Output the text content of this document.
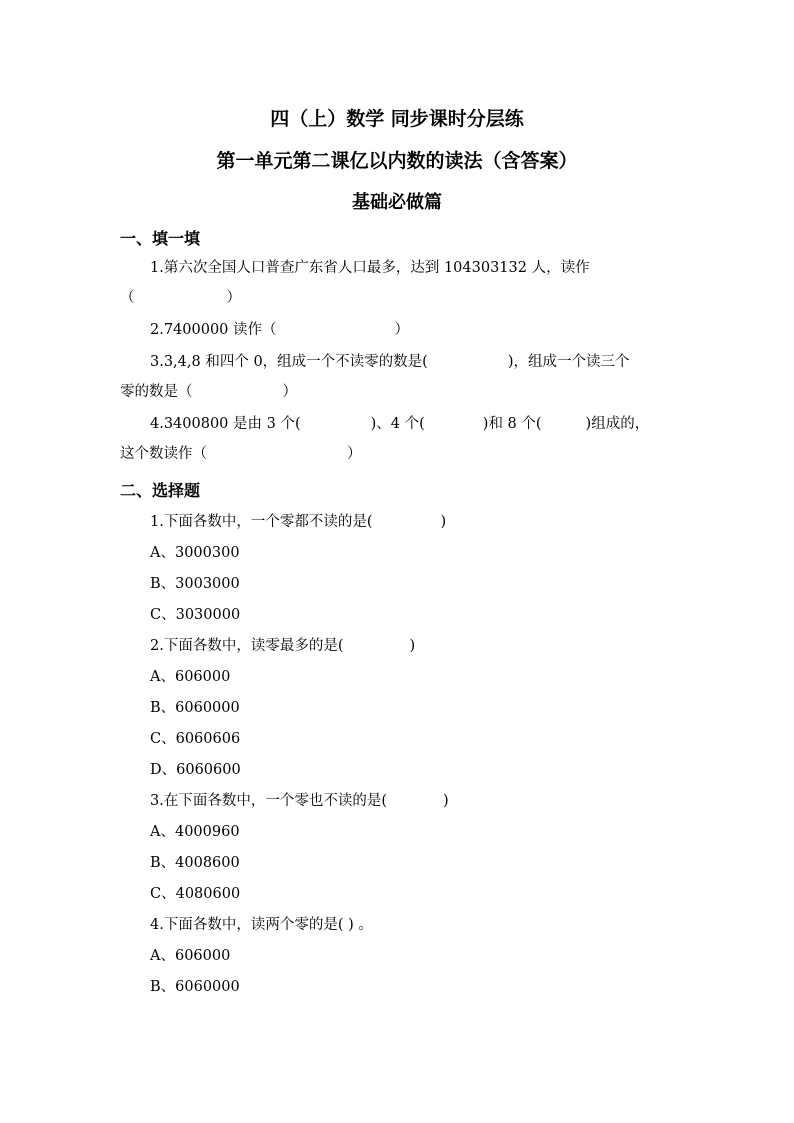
四（上）数学 同步课时分层练
第一单元第二课亿以内数的读法（含答案）
基础必做篇
一、填一填
1.第六次全国人口普查广东省人口最多，达到 104303132 人，读作
（	）
2.7400000 读作（	）
3.3,4,8 和四个 0，组成一个不读零的数是(	)，组成一个读三个
零的数是（	）
4.3400800 是由 3 个(	)、4 个(	)和 8 个(	)组成的，
这个数读作（	）
二、选择题
1.下面各数中，一个零都不读的是(	)
A、3000300
B、3003000
C、3030000
2.下面各数中，读零最多的是(	)
A、606000
B、6060000
C、6060606
D、6060600
3.在下面各数中，一个零也不读的是(	)
A、4000960
B、4008600
C、4080600
4.下面各数中，读两个零的是( ) 。
A、606000
B、6060000
